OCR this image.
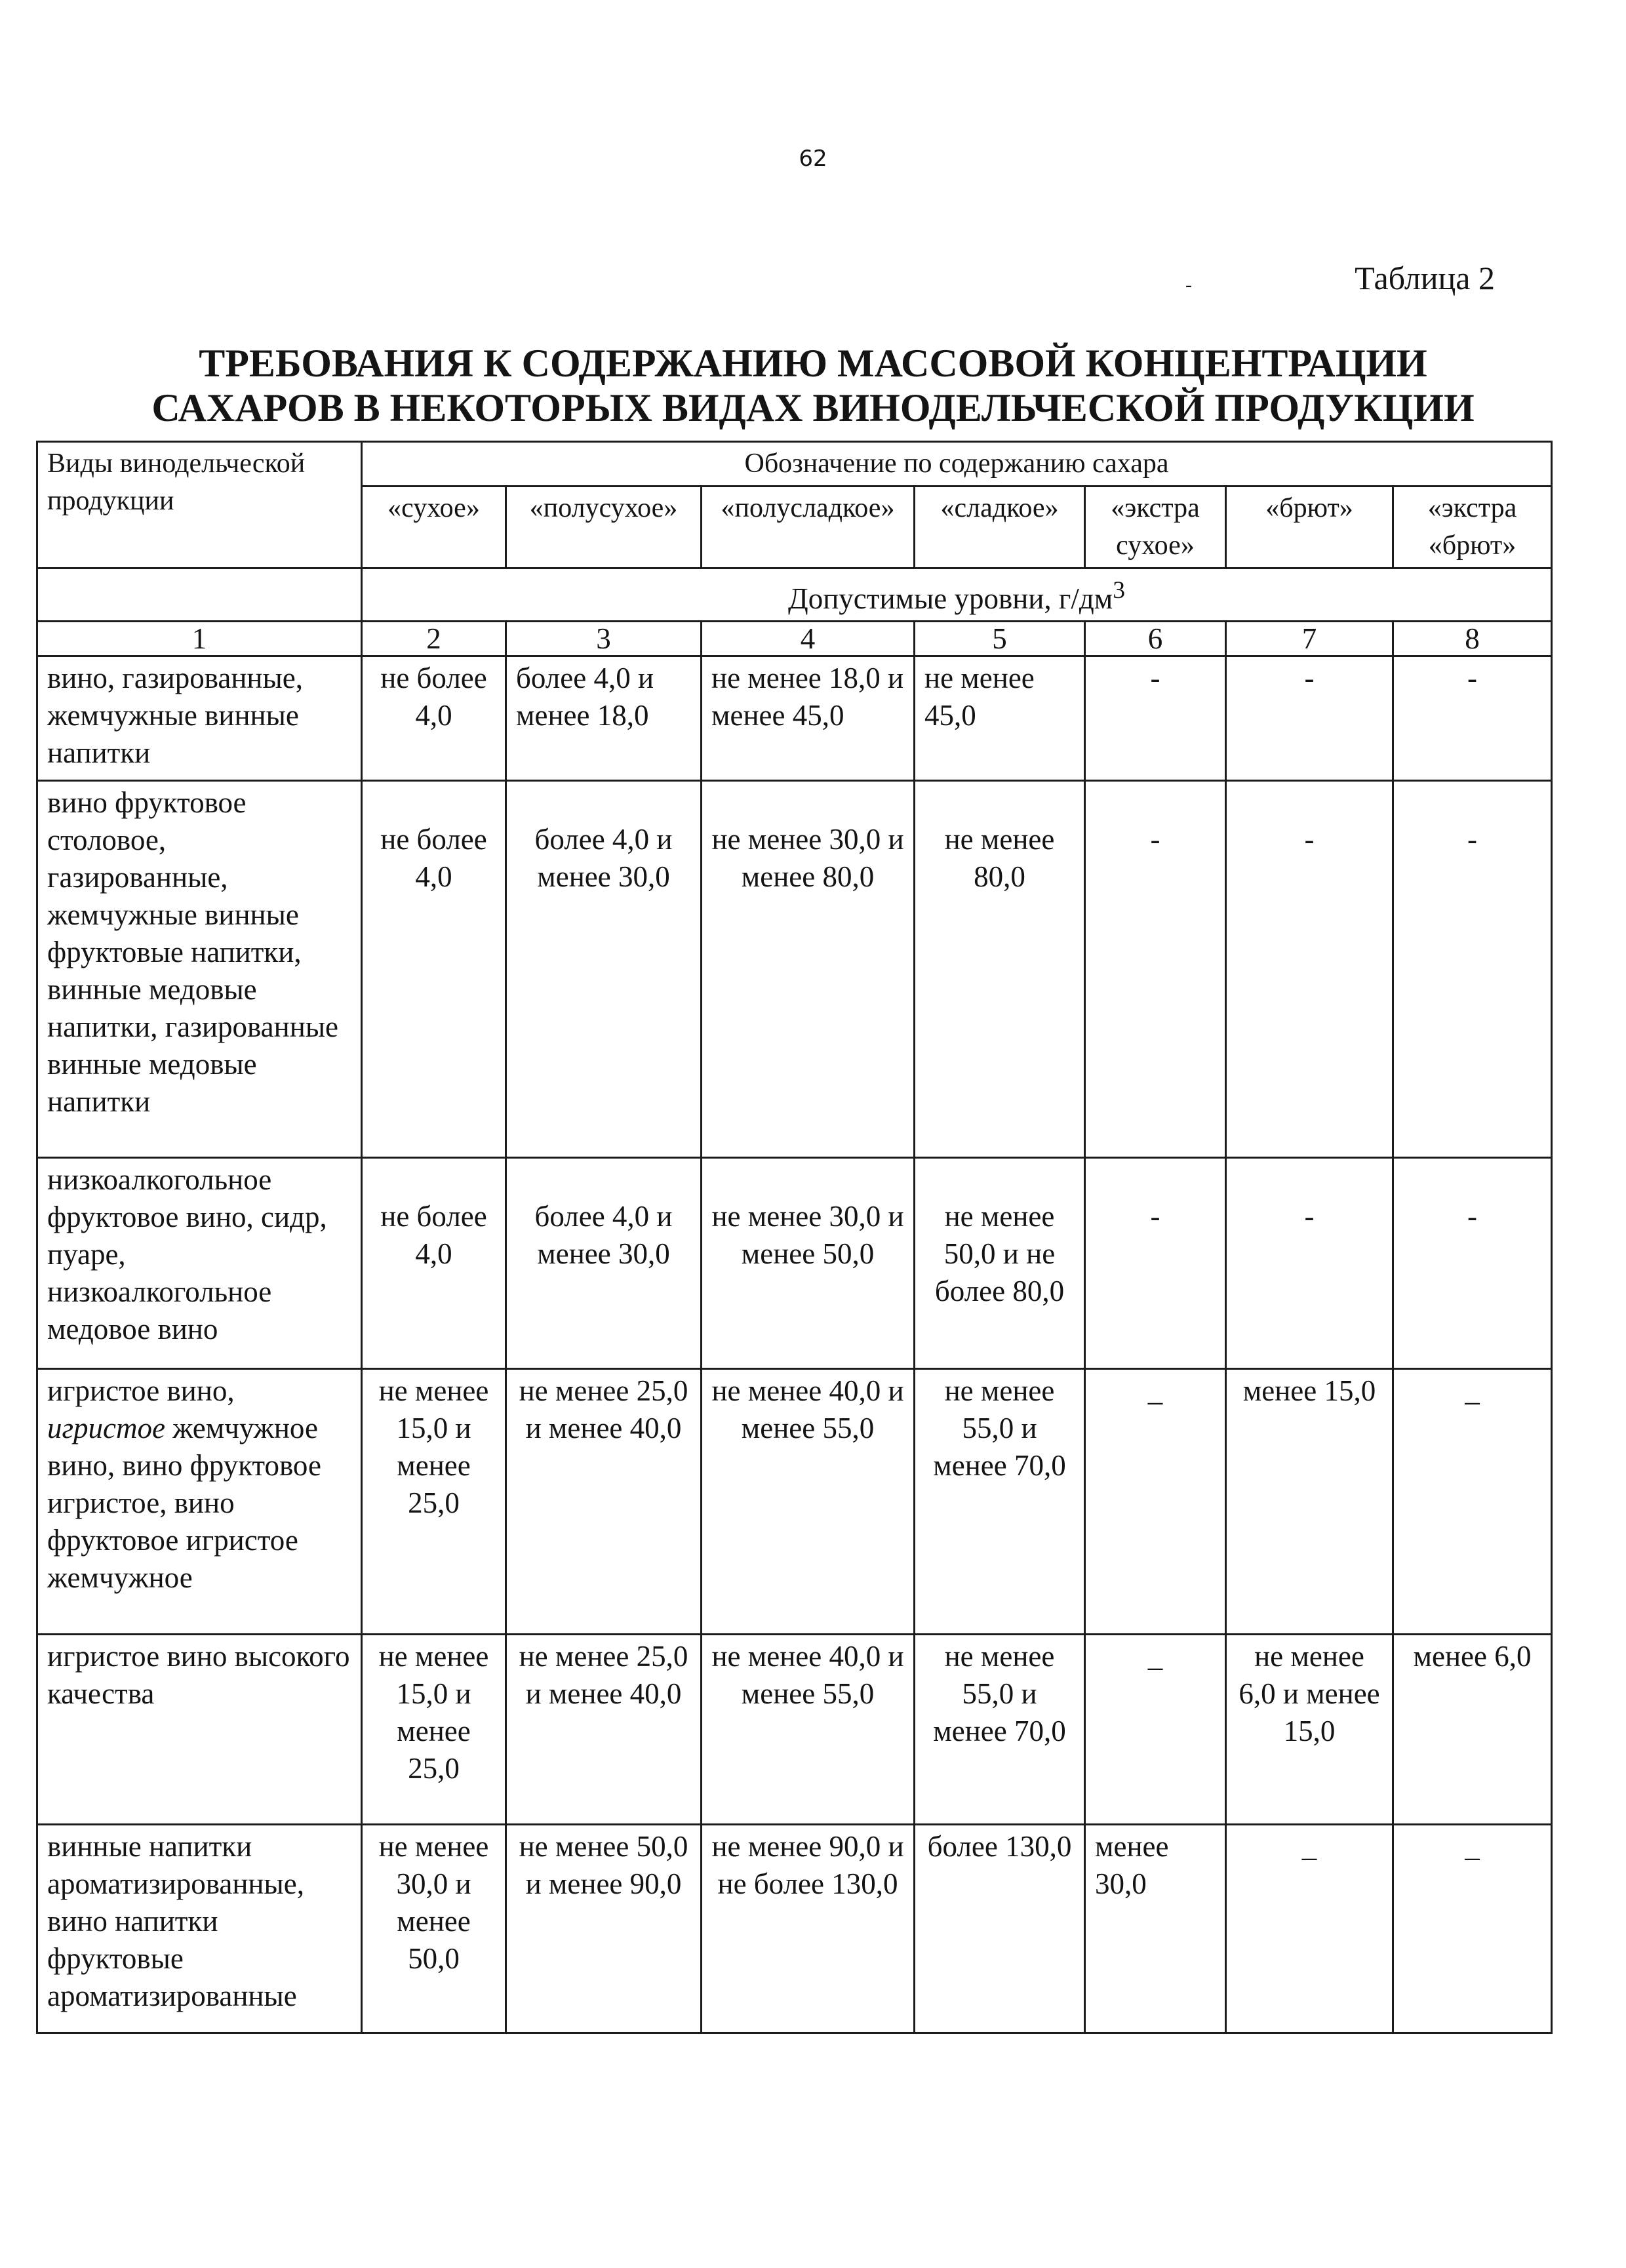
62
Таблица 2
-
ТРЕБОВАНИЯ К СОДЕРЖАНИЮ МАССОВОЙ КОНЦЕНТРАЦИИ
САХАРОВ В НЕКОТОРЫХ ВИДАХ ВИНОДЕЛЬЧЕСКОЙ ПРОДУКЦИИ
Виды винодельческой продукции	Обозначение по содержанию сахара						
	«сухое»	«полусухое»	«полусладкое»	«сладкое»	«экстра сухое»	«брют»	«экстра «брют»
	Допустимые уровни, $г/дм^3$
1	2	3	4	5	6	7	8
вино, газированные, жемчужные винные напитки	не более 4,0	более 4,0 и менее 18,0	не менее 18,0 и менее 45,0	не менее 45,0	-	-	-
вино фруктовое столовое, газированные, жемчужные винные фруктовые напитки, винные медовые напитки, газированные винные медовые напитки	не более 4,0	более 4,0 и менее 30,0	не менее 30,0 и менее 80,0	не менее 80,0	-	-	-
низкоалкогольное фруктовое вино, сидр, пуаре, низкоалкогольное медовое вино	не более 4,0	более 4,0 и менее 30,0	не менее 30,0 и менее 50,0	не менее 50,0 и не более 80,0	-	-	-
игристое вино, игристое жемчужное вино, вино фруктовое игристое, вино фруктовое игристое жемчужное	не менее 15,0 и менее 25,0	не менее 25,0 и менее 40,0	не менее 40,0 и менее 55,0	не менее 55,0 и менее 70,0	_	менее 15,0	_
игристое вино высокого качества	не менее 15,0 и менее 25,0	не менее 25,0 и менее 40,0	не менее 40,0 и менее 55,0	не менее 55,0 и менее 70,0	_	не менее 6,0 и менее 15,0	менее 6,0
винные напитки ароматизированные, вино напитки фруктовые ароматизированные	не менее 30,0 и менее 50,0	не менее 50,0 и менее 90,0	не менее 90,0 и не более 130,0	более 130,0	менее 30,0	_	_
